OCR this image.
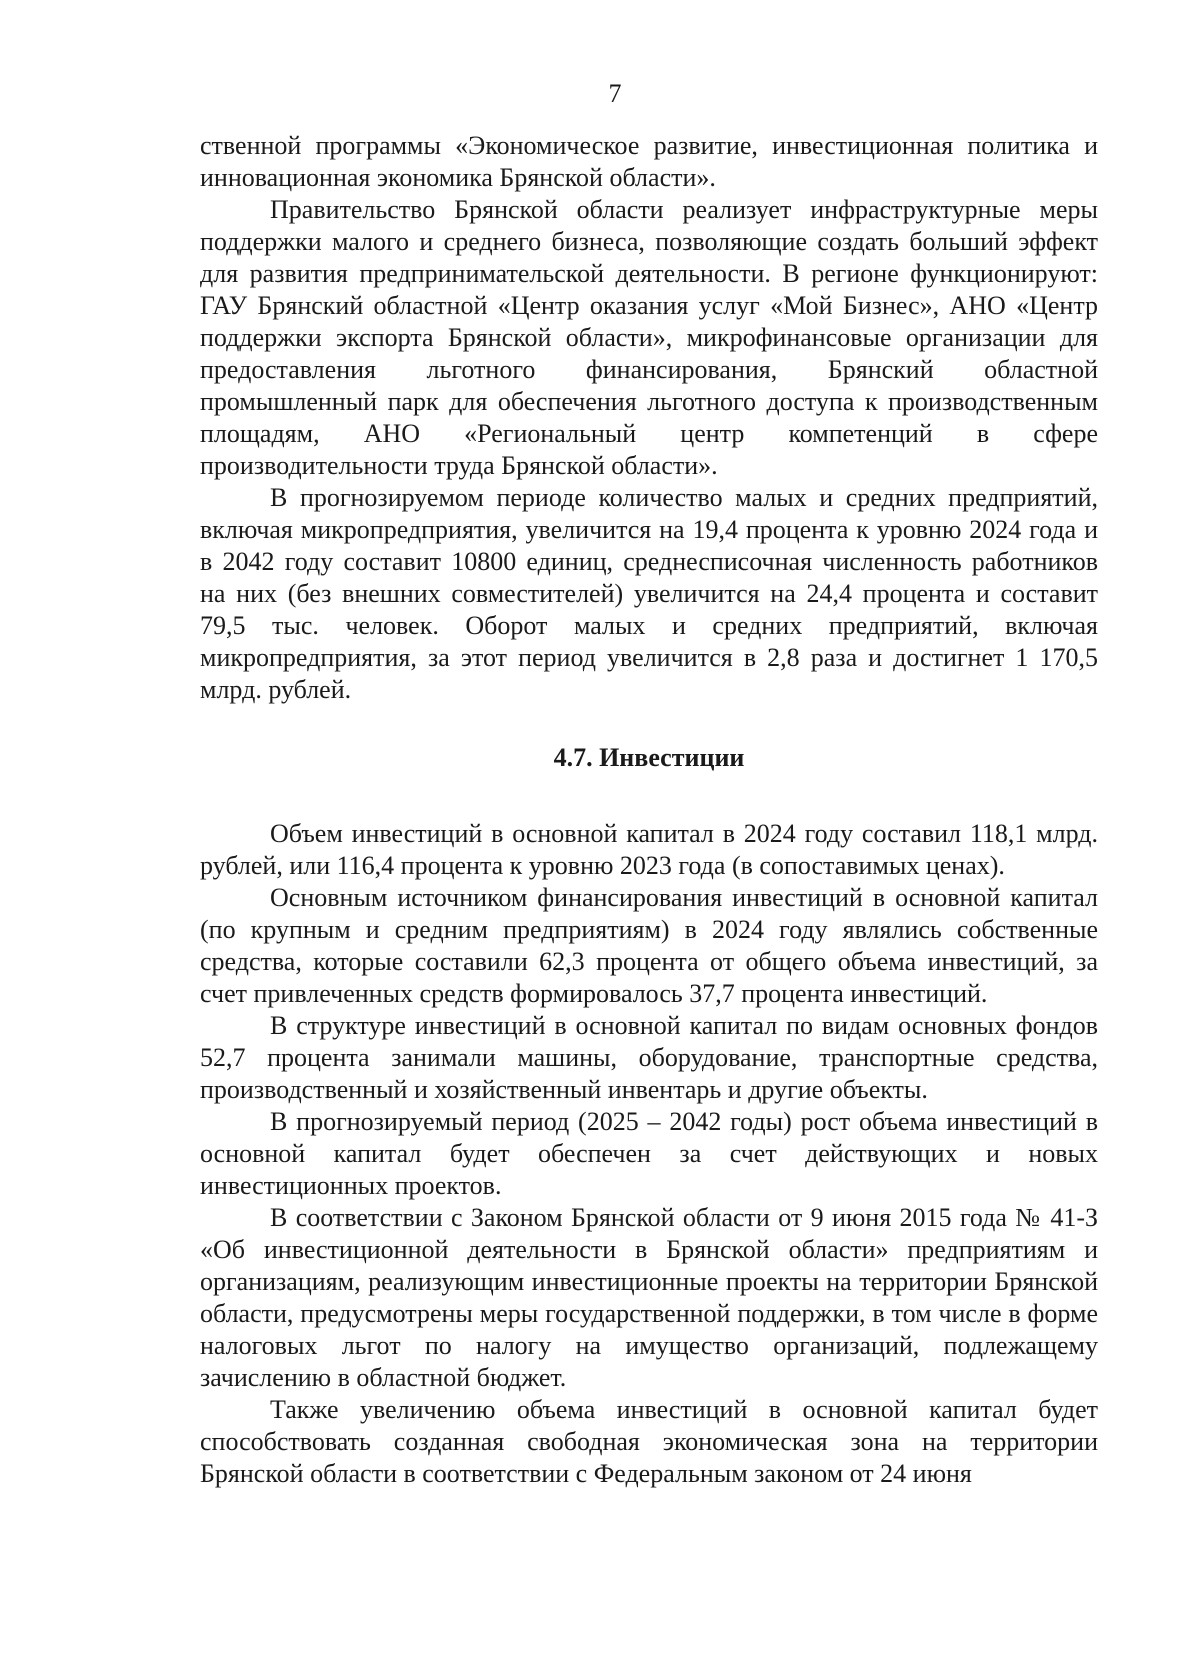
7

ственной программы «Экономическое развитие, инвестиционная политика и инновационная экономика Брянской области».

Правительство Брянской области реализует инфраструктурные меры поддержки малого и среднего бизнеса, позволяющие создать больший эффект для развития предпринимательской деятельности. В регионе функционируют: ГАУ Брянский областной «Центр оказания услуг «Мой Бизнес», АНО «Центр поддержки экспорта Брянской области», микрофинансовые организации для предоставления льготного финансирования, Брянский областной промышленный парк для обеспечения льготного доступа к производственным площадям, АНО «Региональный центр компетенций в сфере производительности труда Брянской области».

В прогнозируемом периоде количество малых и средних предприятий, включая микропредприятия, увеличится на 19,4 процента к уровню 2024 года и в 2042 году составит 10800 единиц, среднесписочная численность работников на них (без внешних совместителей) увеличится на 24,4 процента и составит 79,5 тыс. человек. Оборот малых и средних предприятий, включая микропредприятия, за этот период увеличится в 2,8 раза и достигнет 1 170,5 млрд. рублей.

4.7. Инвестиции

Объем инвестиций в основной капитал в 2024 году составил 118,1 млрд. рублей, или 116,4 процента к уровню 2023 года (в сопоставимых ценах).

Основным источником финансирования инвестиций в основной капитал (по крупным и средним предприятиям) в 2024 году являлись собственные средства, которые составили 62,3 процента от общего объема инвестиций, за счет привлеченных средств формировалось 37,7 процента инвестиций.

В структуре инвестиций в основной капитал по видам основных фондов 52,7 процента занимали машины, оборудование, транспортные средства, производственный и хозяйственный инвентарь и другие объекты.

В прогнозируемый период (2025 – 2042 годы) рост объема инвестиций в основной капитал будет обеспечен за счет действующих и новых инвестиционных проектов.

В соответствии с Законом Брянской области от 9 июня 2015 года № 41-З «Об инвестиционной деятельности в Брянской области» предприятиям и организациям, реализующим инвестиционные проекты на территории Брянской области, предусмотрены меры государственной поддержки, в том числе в форме налоговых льгот по налогу на имущество организаций, подлежащему зачислению в областной бюджет.

Также увеличению объема инвестиций в основной капитал будет способствовать созданная свободная экономическая зона на территории Брянской области в соответствии с Федеральным законом от 24 июня
